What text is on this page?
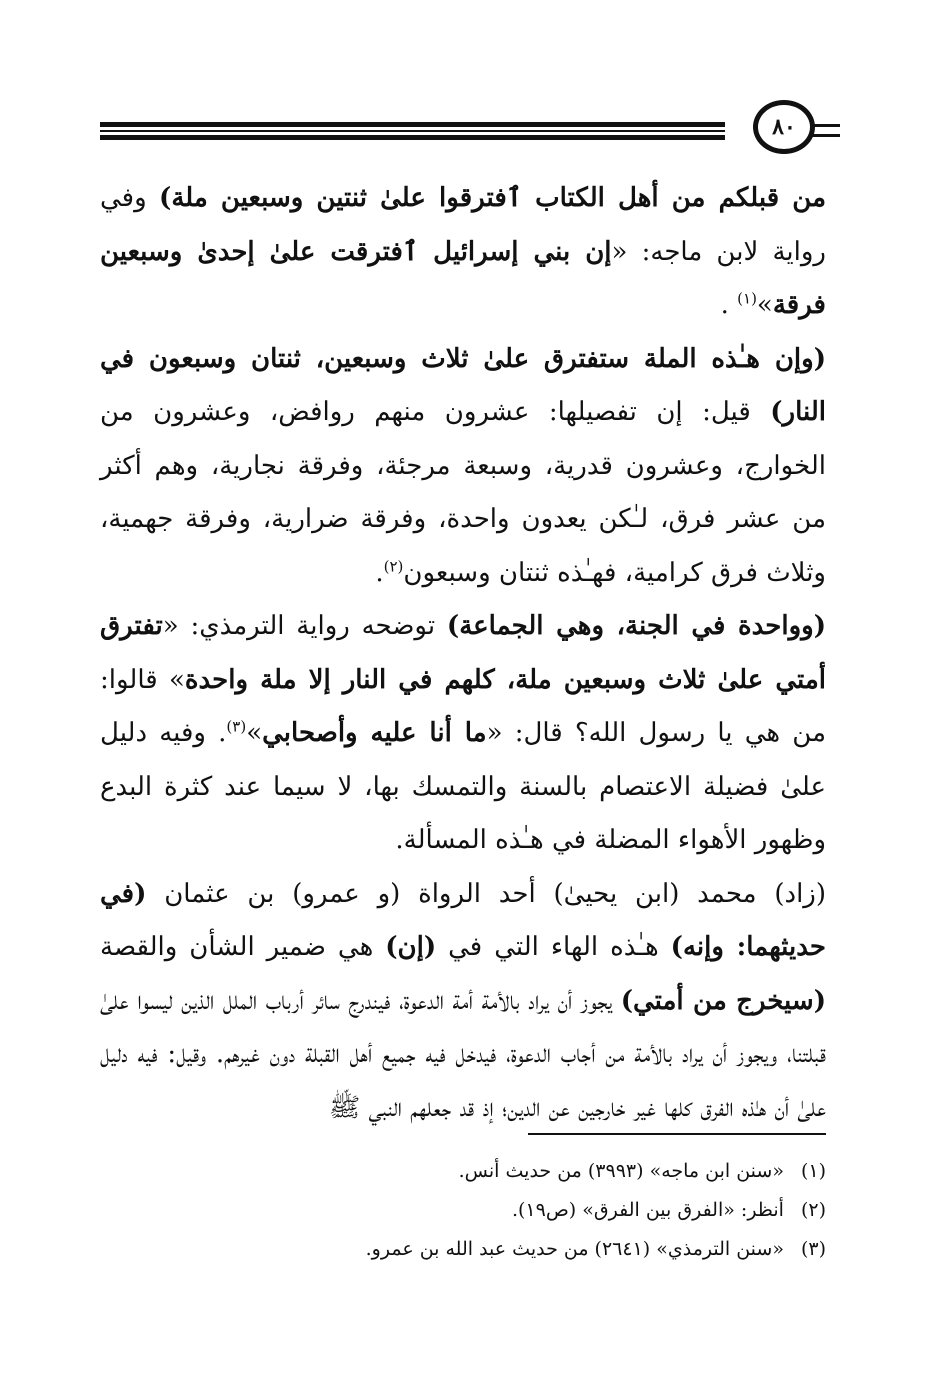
٨٠

من قبلكم من أهل الكتاب ٱفترقوا علىٰ ثنتين وسبعين ملة) وفي رواية لابن ماجه: «إن بني إسرائيل ٱفترقت علىٰ إحدىٰ وسبعين فرقة»$^{(١)}$ .

(وإن هـٰذه الملة ستفترق علىٰ ثلاث وسبعين، ثنتان وسبعون في النار) قيل: إن تفصيلها: عشرون منهم روافض، وعشرون من الخوارج، وعشرون قدرية، وسبعة مرجئة، وفرقة نجارية، وهم أكثر من عشر فرق، لـٰكن يعدون واحدة، وفرقة ضرارية، وفرقة جهمية، وثلاث فرق كرامية، فهـٰذه ثنتان وسبعون$^{(٢)}$.

(وواحدة في الجنة، وهي الجماعة) توضحه رواية الترمذي: «تفترق أمتي علىٰ ثلاث وسبعين ملة، كلهم في النار إلا ملة واحدة» قالوا: من هي يا رسول الله؟ قال: «ما أنا عليه وأصحابي»$^{(٣)}$. وفيه دليل علىٰ فضيلة الاعتصام بالسنة والتمسك بها، لا سيما عند كثرة البدع وظهور الأهواء المضلة في هـٰذه المسألة.

(زاد) محمد (ابن يحيىٰ) أحد الرواة (و عمرو) بن عثمان (في حديثهما: وإنه) هـٰذه الهاء التي في (إن) هي ضمير الشأن والقصة (سيخرج من أمتي) يجوز أن يراد بالأمة أمة الدعوة، فيندرج سائر أرباب الملل الذين ليسوا علىٰ قبلتنا، ويجوز أن يراد بالأمة من أجاب الدعوة، فيدخل فيه جميع أهل القبلة دون غيرهم. وقيل: فيه دليل علىٰ أن هـٰذه الفرق كلها غير خارجين عن الدين؛ إذ قد جعلهم النبي ﷺ

(١) «سنن ابن ماجه» (٣٩٩٣) من حديث أنس.

(٢) أنظر: «الفرق بين الفرق» (ص١٩).

(٣) «سنن الترمذي» (٢٦٤١) من حديث عبد الله بن عمرو.
